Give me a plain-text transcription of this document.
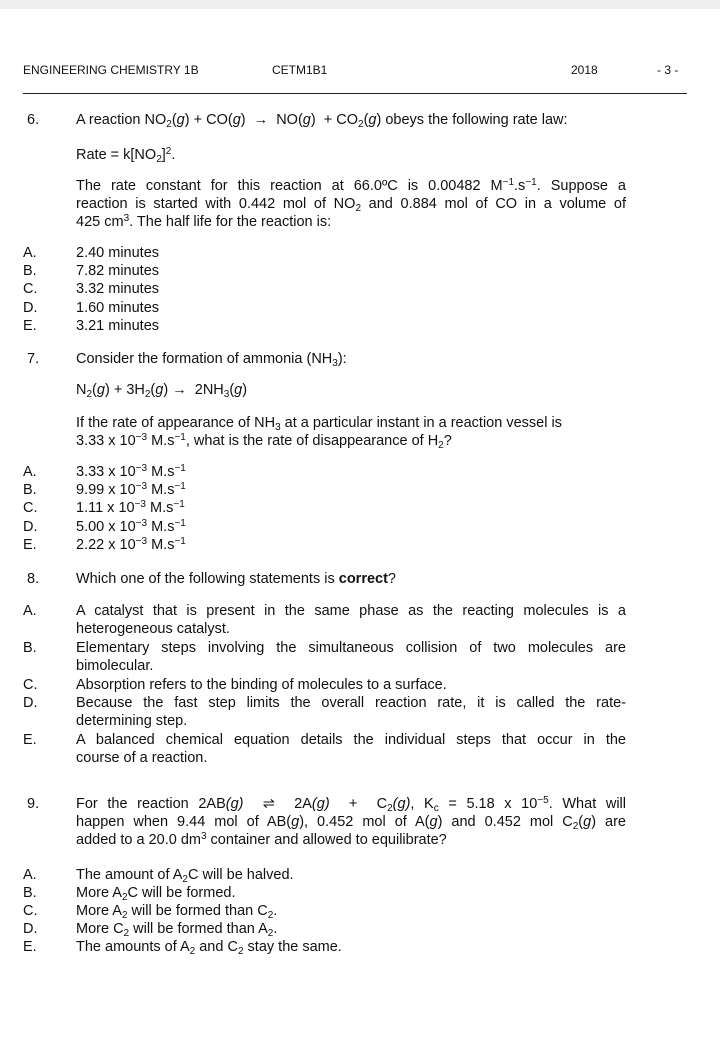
ENGINEERING CHEMISTRY 1B	CETM1B1	2018	- 3 -
6.	A reaction $NO_2(g) + CO(g) \to NO(g) + CO_2(g)$ obeys the following rate law:
Rate = $k[NO_2]^2$.
The rate constant for this reaction at 66.0ºC is 0.00482 $M^{-1}.s^{-1}$. Suppose a
reaction is started with 0.442 mol of $NO_2$ and 0.884 mol of CO in a volume of
425 $cm^3$. The half life for the reaction is:
A.	2.40 minutes
B.	7.82 minutes
C.	3.32 minutes
D.	1.60 minutes
E.	3.21 minutes
7.	Consider the formation of ammonia $(NH_3)$:
$N_2(g) + 3H_2(g) \to 2NH_3(g)$
If the rate of appearance of $NH_3$ at a particular instant in a reaction vessel is
3.33 x $10^{-3}$ $M.s^{-1}$, what is the rate of disappearance of $H_2$?
A.	3.33 x $10^{-3}$ $M.s^{-1}$
B.	9.99 x $10^{-3}$ $M.s^{-1}$
C.	1.11 x $10^{-3}$ $M.s^{-1}$
D.	5.00 x $10^{-3}$ $M.s^{-1}$
E.	2.22 x $10^{-3}$ $M.s^{-1}$
8.	Which one of the following statements is correct?
A.	A catalyst that is present in the same phase as the reacting molecules is a
heterogeneous catalyst.
B.	Elementary steps involving the simultaneous collision of two molecules are
bimolecular.
C.	Absorption refers to the binding of molecules to a surface.
D.	Because the fast step limits the overall reaction rate, it is called the rate-
determining step.
E.	A balanced chemical equation details the individual steps that occur in the
course of a reaction.
9.	For the reaction 2AB(g)  ⇌  $2A(g) + C_2(g)$, $K_c = 5.18$ x $10^{-5}$. What will
happen when 9.44 mol of AB(g), 0.452 mol of A(g) and 0.452 mol $C_2(g)$ are
added to a 20.0 $dm^3$ container and allowed to equilibrate?
A.	The amount of $A_2C$ will be halved.
B.	More $A_2C$ will be formed.
C.	More $A_2$ will be formed than $C_2$.
D.	More $C_2$ will be formed than $A_2$.
E.	The amounts of $A_2$ and $C_2$ stay the same.
